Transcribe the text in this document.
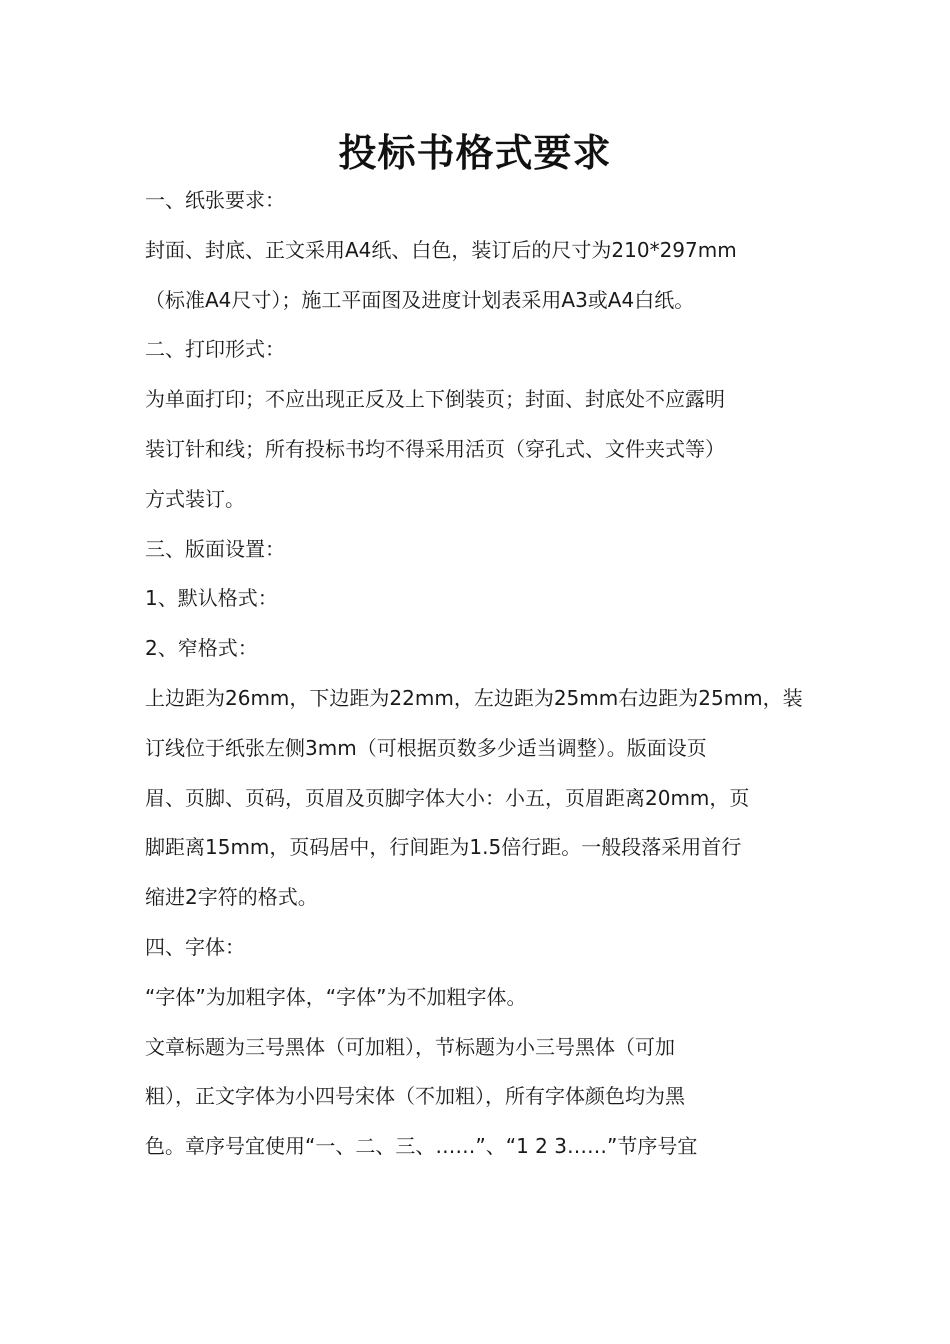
投标书格式要求
一、纸张要求：
封面、封底、正文采用A4纸、白色，装订后的尺寸为210*297mm
（标准A4尺寸）；施工平面图及进度计划表采用A3或A4白纸。
二、打印形式：
为单面打印；不应出现正反及上下倒装页；封面、封底处不应露明
装订针和线；所有投标书均不得采用活页（穿孔式、文件夹式等）
方式装订。
三、版面设置：
1、默认格式：
2、窄格式：
上边距为26mm，下边距为22mm，左边距为25mm右边距为25mm，装
订线位于纸张左侧3mm（可根据页数多少适当调整）。版面设页
眉、页脚、页码，页眉及页脚字体大小：小五，页眉距离20mm，页
脚距离15mm，页码居中，行间距为1.5倍行距。一般段落采用首行
缩进2字符的格式。
四、字体：
“字体”为加粗字体，“字体”为不加粗字体。
文章标题为三号黑体（可加粗），节标题为小三号黑体（可加
粗），正文字体为小四号宋体（不加粗），所有字体颜色均为黑
色。章序号宜使用“一、二、三、……”、“1 2 3……”节序号宜
